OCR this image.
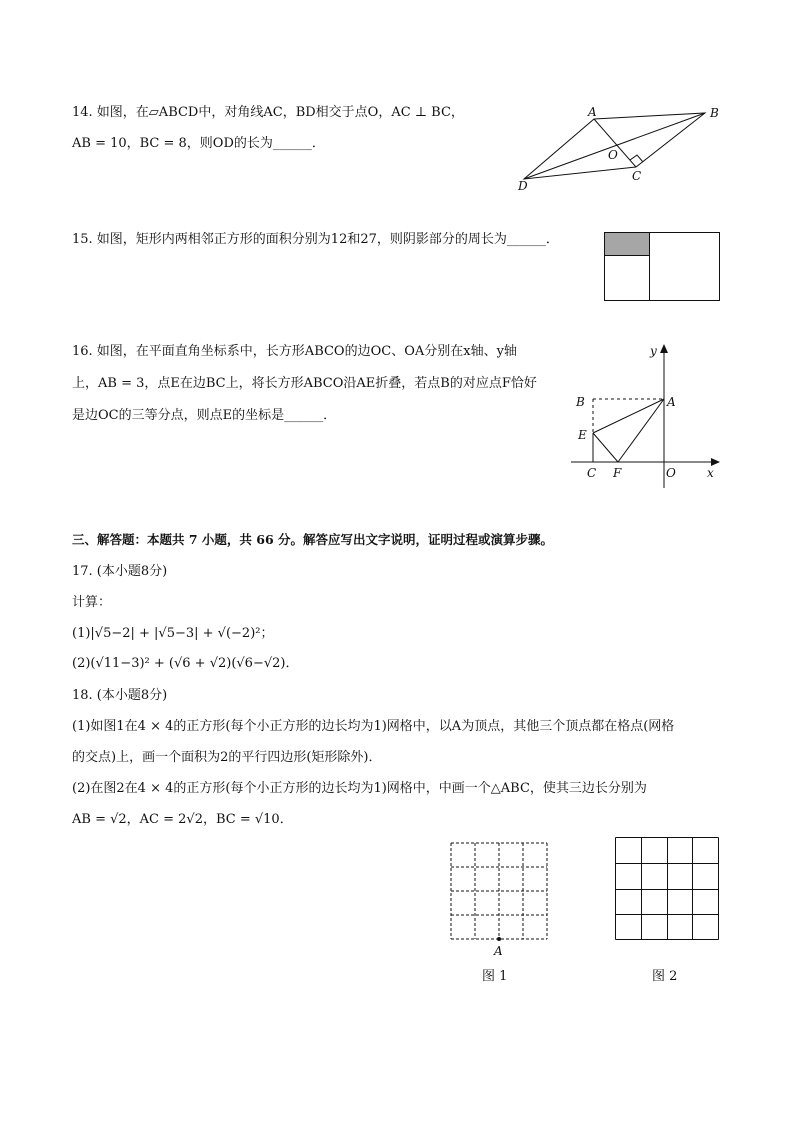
14. 如图，在▱ABCD中，对角线AC，BD相交于点O，AC ⊥ BC，
AB = 10，BC = 8，则OD的长为______．
A	B
C
D
O
15. 如图，矩形内两相邻正方形的面积分别为12和27，则阴影部分的周长为______．
16. 如图，在平面直角坐标系中，长方形ABCO的边OC、OA分别在x轴、y轴
上，AB = 3，点E在边BC上，将长方形ABCO沿AE折叠，若点B的对应点F恰好
是边OC的三等分点，则点E的坐标是______．
y
x
A
B
E
C F	O
三、解答题：本题共 7 小题，共 66 分。解答应写出文字说明，证明过程或演算步骤。
17. (本小题8分)
计算：
(1)|√5−2| + |√5−3| + √(−2)²；
(2)(√11−3)² + (√6 + √2)(√6−√2)．
18. (本小题8分)
(1)如图1在4 × 4的正方形(每个小正方形的边长均为1)网格中，以A为顶点，其他三个顶点都在格点(网格
的交点)上，画一个面积为2的平行四边形(矩形除外)．
(2)在图2在4 × 4的正方形(每个小正方形的边长均为1)网格中，中画一个△ABC，使其三边长分别为
AB = √2，AC = 2√2，BC = √10．
A
图 1	图 2
